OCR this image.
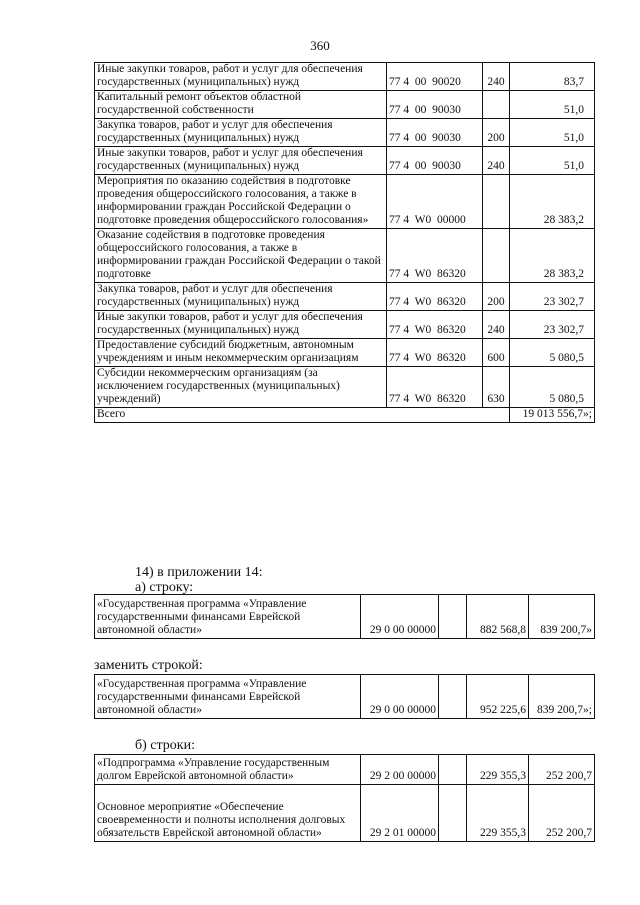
360
Иные закупки товаров, работ и услуг для обеспечения государственных (муниципальных) нужд	77 4  00  90020	240	83,7
Капитальный ремонт объектов областной государственной собственности	77 4  00  90030		51,0
Закупка товаров, работ и услуг для обеспечения государственных (муниципальных) нужд	77 4  00  90030	200	51,0
Иные закупки товаров, работ и услуг для обеспечения государственных (муниципальных) нужд	77 4  00  90030	240	51,0
Мероприятия по оказанию содействия в подготовке проведения общероссийского голосования, а также в информировании граждан Российской Федерации о подготовке проведения общероссийского голосования»	77 4  W0  00000		28 383,2
Оказание содействия в подготовке проведения общероссийского голосования, а также в информировании граждан Российской Федерации о такой подготовке	77 4  W0  86320		28 383,2
Закупка товаров, работ и услуг для обеспечения государственных (муниципальных) нужд	77 4  W0  86320	200	23 302,7
Иные закупки товаров, работ и услуг для обеспечения государственных (муниципальных) нужд	77 4  W0  86320	240	23 302,7
Предоставление субсидий бюджетным, автономным учреждениям и иным некоммерческим организациям	77 4  W0  86320	600	5 080,5
Субсидии некоммерческим организациям (за исключением государственных (муниципальных) учреждений)	77 4  W0  86320	630	5 080,5
Всего			19 013 556,7»;
14) в приложении 14:
а) строку:
«Государственная программа «Управление государственными финансами Еврейской автономной области»	29 0 00 00000		882 568,8	839 200,7»
заменить строкой:
«Государственная программа «Управление государственными финансами Еврейской автономной области»	29 0 00 00000		952 225,6	839 200,7»;
б) строки:
«Подпрограмма «Управление государственным долгом Еврейской автономной области»	29 2 00 00000		229 355,3	252 200,7
Основное мероприятие «Обеспечение своевременности и полноты исполнения долговых обязательств Еврейской автономной области»	29 2 01 00000		229 355,3	252 200,7
